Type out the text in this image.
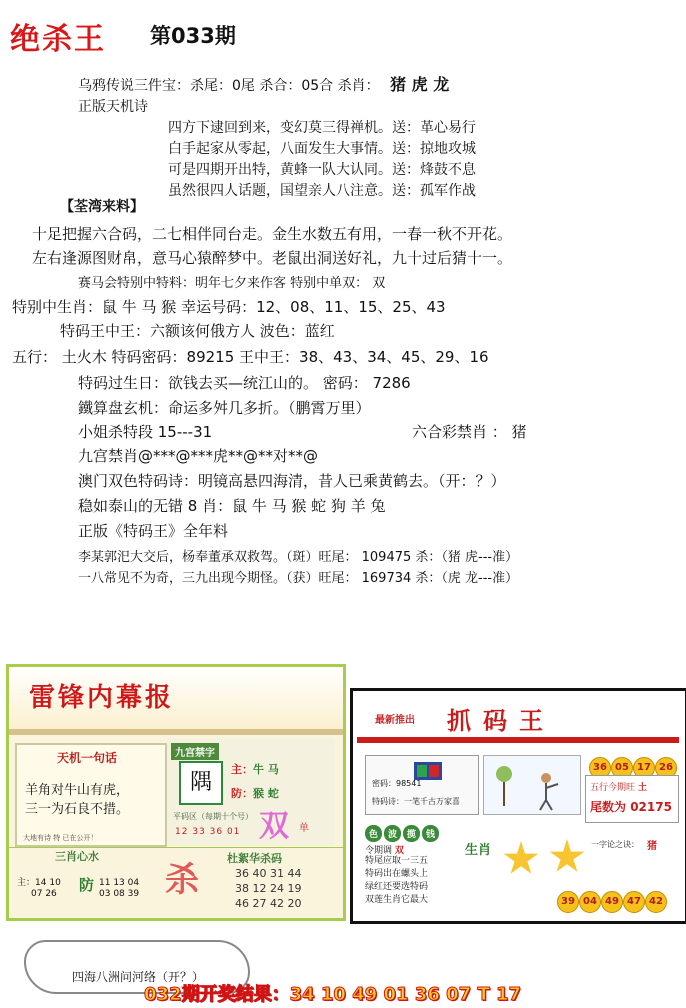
绝杀王 第033期
乌鸦传说三件宝：杀尾：0尾 杀合：05合 杀肖： 猪 虎 龙
正版天机诗
四方下逮回到来，变幻莫三得禅机。送：革心易行
白手起家从零起，八面发生大事情。送：掠地攻城
可是四期开出特，黄蜂一队大认同。送：烽鼓不息
虽然很四人话题，国望亲人八注意。送：孤军作战
【荃湾来料】
十足把握六合码，二七相伴同台走。金生水数五有用，一春一秋不开花。
左右逢源图财帛，意马心猿醉梦中。老鼠出洞送好礼，九十过后猜十一。
赛马会特别中特料：明年七夕来作客 特别中单双： 双
特别中生肖：鼠 牛 马 猴 幸运号码：12、08、11、15、25、43
特码王中王：六额该何俄方人 波色：蓝红
五行： 土火木 特码密码：89215 王中王：38、43、34、45、29、16
特码过生日：欲钱去买—统江山的。 密码： 7286
鐵算盘玄机：命运多舛几多折。（鹏霄万里）
小姐杀特段 15---31	六合彩禁肖 ： 猪
九宫禁肖@***@***虎**@**对**@
澳门双色特码诗：明镜高悬四海清，昔人已乘黄鹤去。（开：？）
稳如泰山的无错 8 肖：鼠 牛 马 猴 蛇 狗 羊 兔
正版《特码王》全年料
李某郭汜大交后，杨奉董承双救驾。（斑）旺尾： 109475 杀：（猪 虎---准）
一八常见不为奇，三九出现今期怪。（获）旺尾： 169734 杀：（虎 龙---准）
雷锋内幕报
天机一句话
羊角对牛山有虎，
三一为石良不措。
大地有诗 特 已在公开！
九宫禁字
隅
主：牛 马
防：猴 蛇
平码区（每期十个号）
12 33 36 01 双 单
三肖心水
主：14 10
07 26 防 11 13 04
03 08 39 杀
杜絮华杀码
36 40 31 44
38 12 24 19
46 27 42 20
最新推出 抓码王
密码：98541
特码诗：一笔千古万家喜
36 05 17 26
五行今期旺 土
尾数为 02175
色 波 揽 钱
令期调 双
特尾应取一三五
特码出在螺头上
绿红还要选特码
双莲生肖它最大
生肖	一字论之诀： 猪
39 04 49 47 42
四海八洲问河络（开？）
032期开奖结果：34 10 49 01 36 07 T 17
